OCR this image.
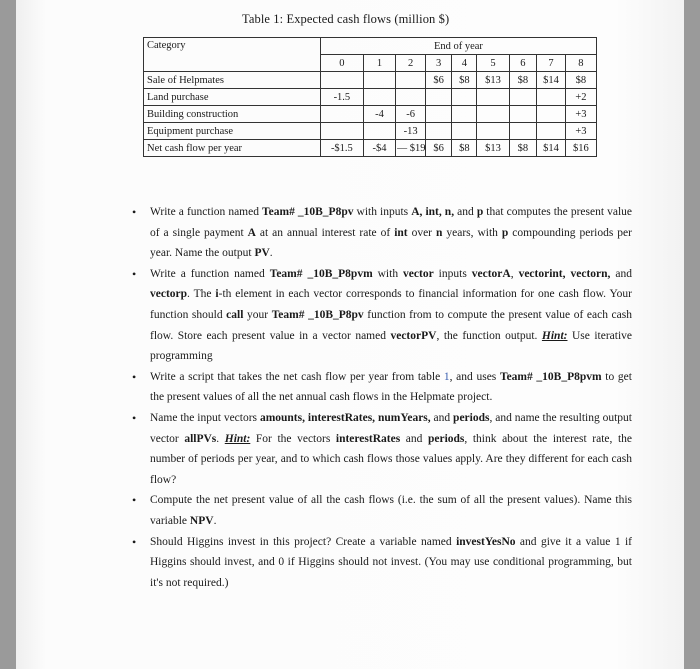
Table 1: Expected cash flows (million $)
Category	End of year								
	0	1	2	3	4	5	6	7	8
Sale of Helpmates				$6	$8	$13	$8	$14	$8
Land purchase	-1.5								+2
Building construction		-4	-6						+3
Equipment purchase			-13						+3
Net cash flow per year	-$1.5	-$4	— $19	$6	$8	$13	$8	$14	$16
• Write a function named Team# _10B_P8pv with inputs A, int, n, and p that computes the present value of a single payment A at an annual interest rate of int over n years, with p compounding periods per year. Name the output PV.
• Write a function named Team# _10B_P8pvm with vector inputs vectorA, vectorint, vectorn, and vectorp. The i-th element in each vector corresponds to financial information for one cash flow. Your function should call your Team# _10B_P8pv function from to compute the present value of each cash flow. Store each present value in a vector named vectorPV, the function output. Hint: Use iterative programming
• Write a script that takes the net cash flow per year from table 1, and uses Team# _10B_P8pvm to get the present values of all the net annual cash flows in the Helpmate project.
• Name the input vectors amounts, interestRates, numYears, and periods, and name the resulting output vector allPVs. Hint: For the vectors interestRates and periods, think about the interest rate, the number of periods per year, and to which cash flows those values apply. Are they different for each cash flow?
• Compute the net present value of all the cash flows (i.e. the sum of all the present values). Name this variable NPV.
• Should Higgins invest in this project? Create a variable named investYesNo and give it a value 1 if Higgins should invest, and 0 if Higgins should not invest. (You may use conditional programming, but it's not required.)
